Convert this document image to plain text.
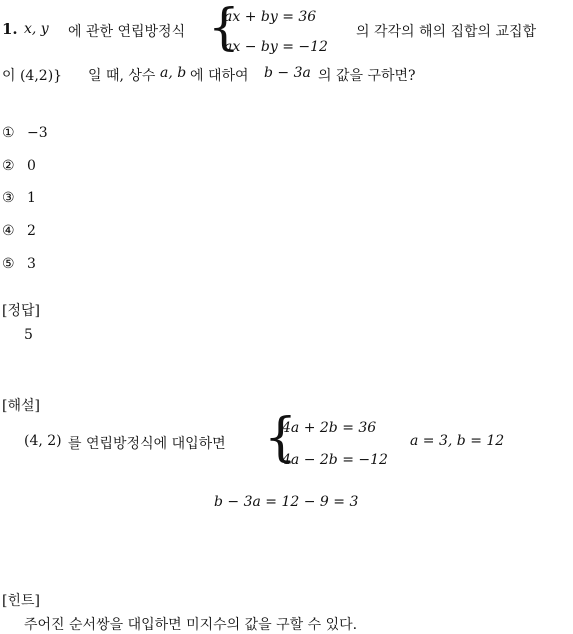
1. x, y 에 관한 연립방정식 {
ax + by = 36
ax − by = −12
의 각각의 해의 집합의 교집합
이 (4,2)} 일 때, 상수 a, b 에 대하여 b − 3a 의 값을 구하면?
① −3
② 0
③ 1
④ 2
⑤ 3
[정답]
5
[해설]
(4, 2) 를 연립방정식에 대입하면 {
4a + 2b = 36
4a − 2b = −12
a = 3, b = 12
b − 3a = 12 − 9 = 3
[힌트]
주어진 순서쌍을 대입하면 미지수의 값을 구할 수 있다.
